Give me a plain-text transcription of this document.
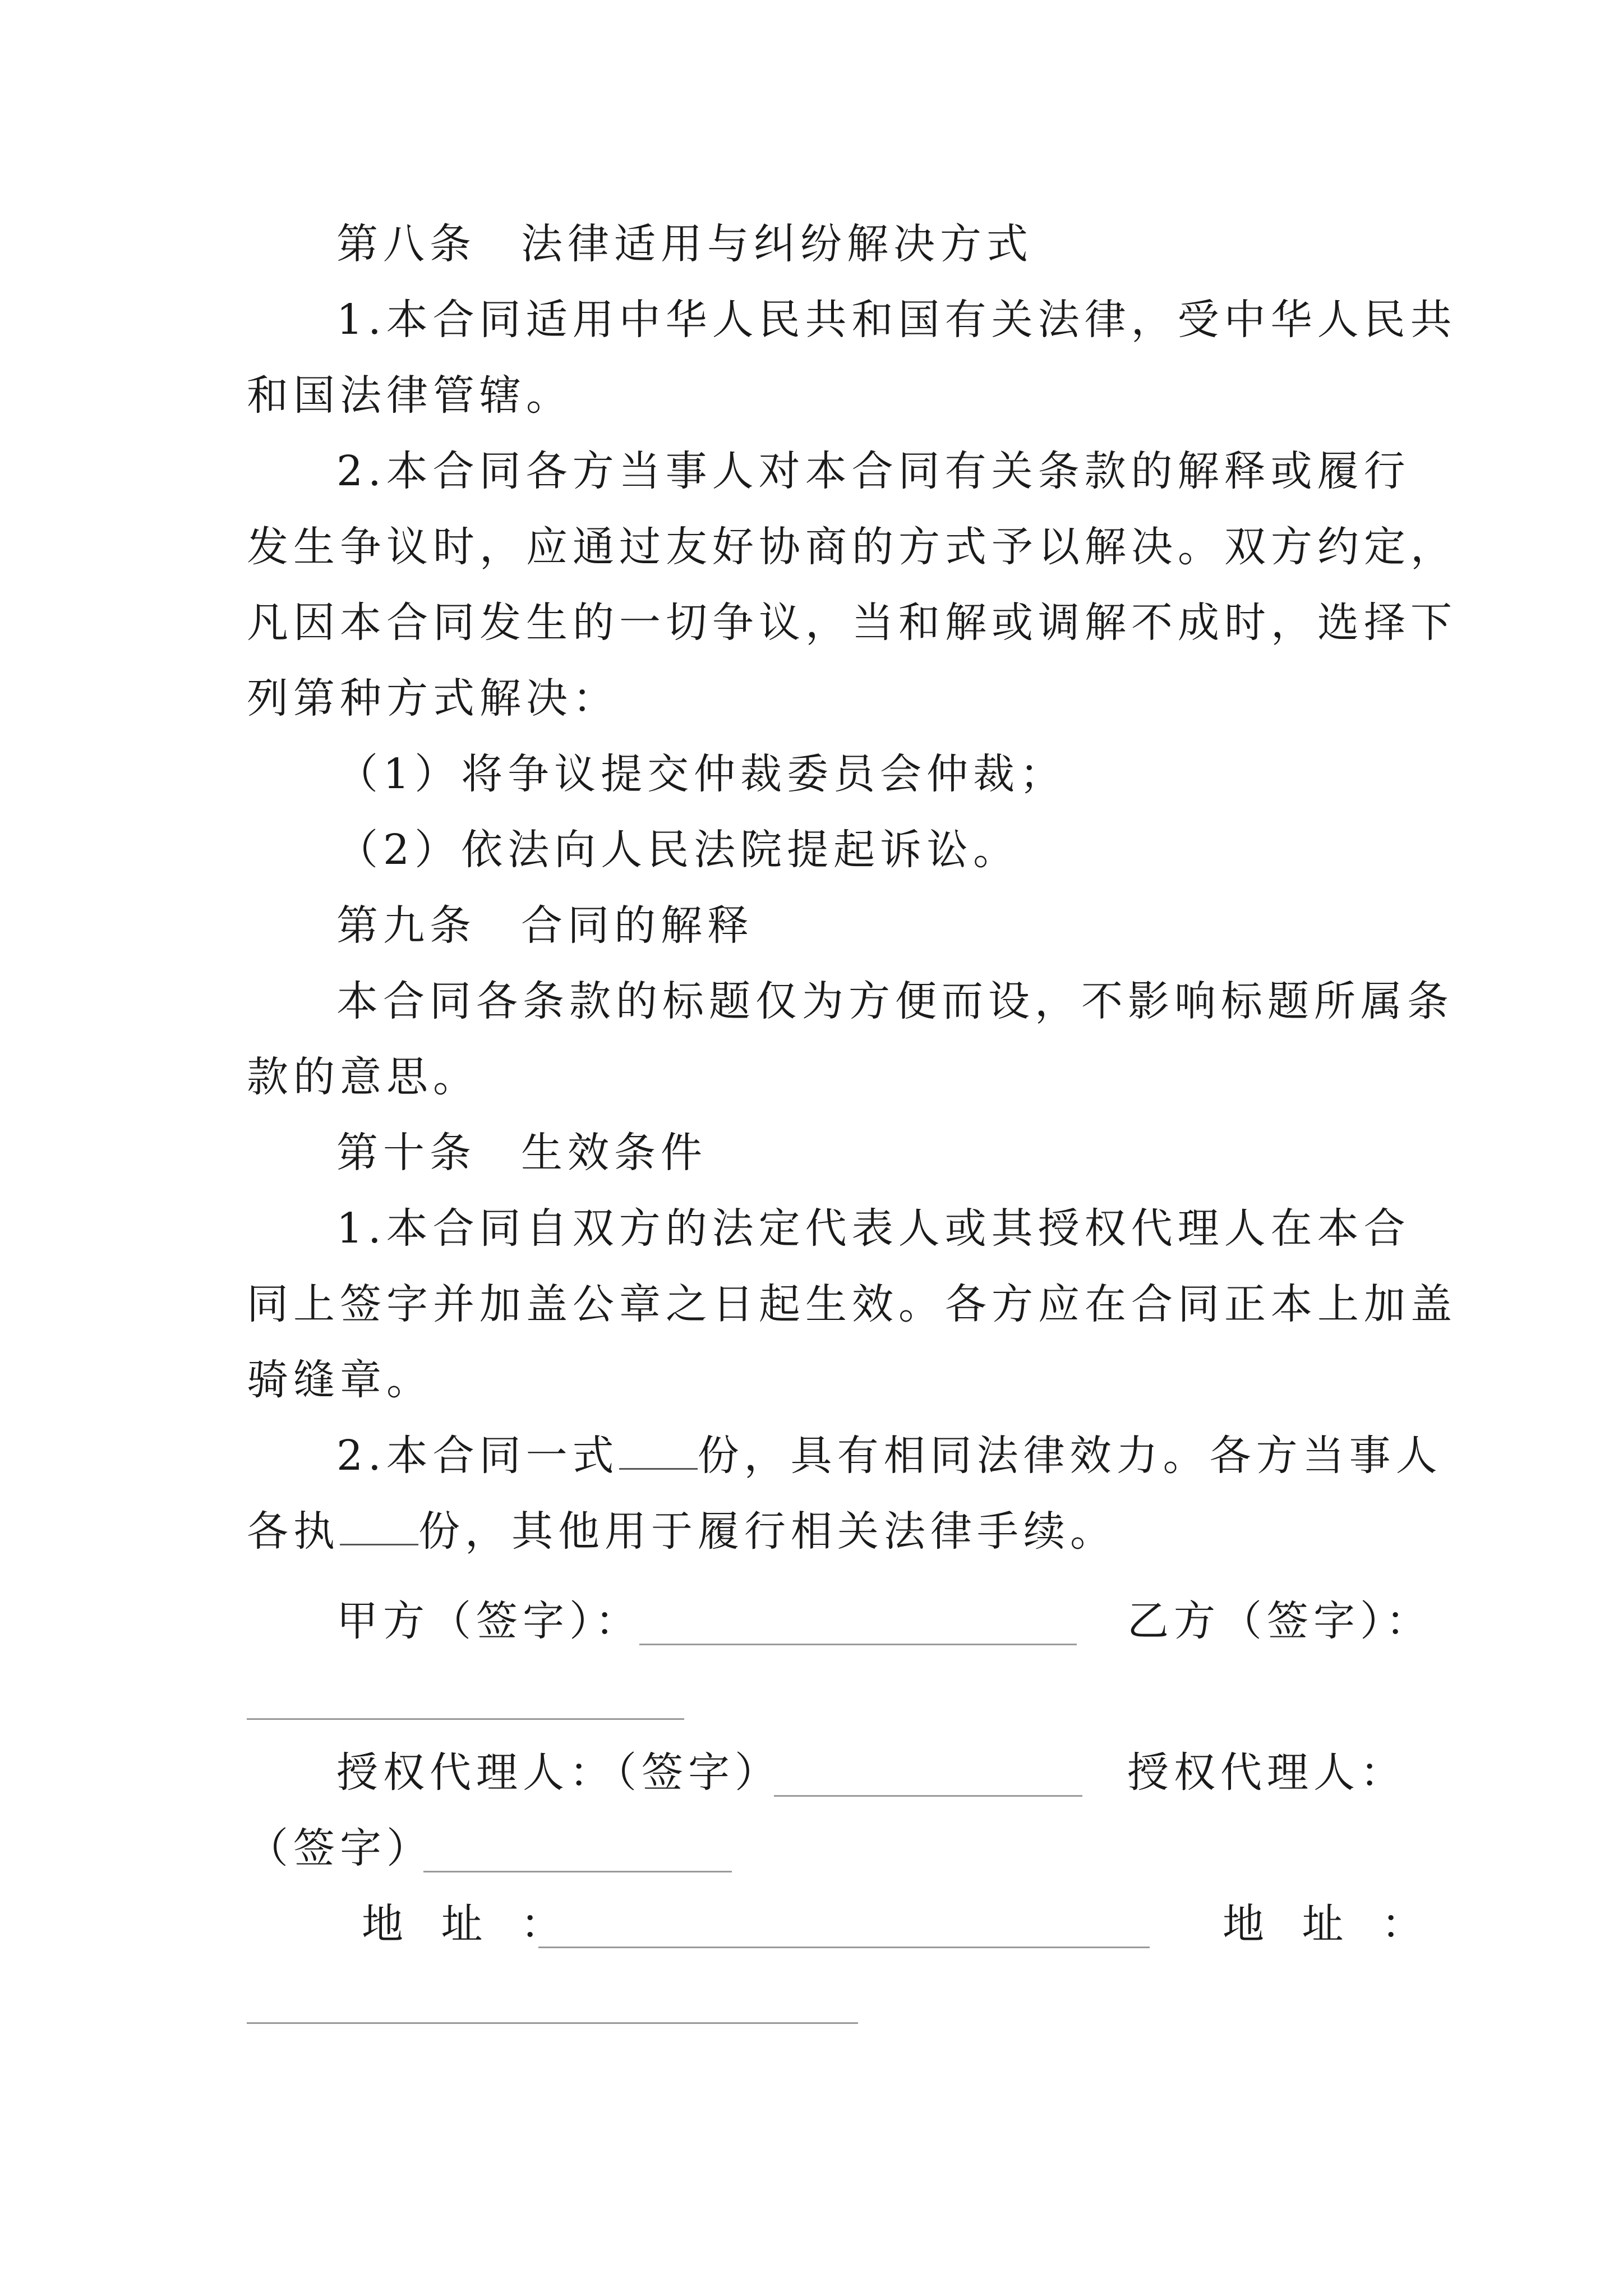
第八条 法律适用与纠纷解决方式
1.本合同适用中华人民共和国有关法律，受中华人民共
和国法律管辖。
2.本合同各方当事人对本合同有关条款的解释或履行
发生争议时，应通过友好协商的方式予以解决。双方约定，
凡因本合同发生的一切争议，当和解或调解不成时，选择下
列第种方式解决：
（1）将争议提交仲裁委员会仲裁；
（2）依法向人民法院提起诉讼。
第九条 合同的解释
本合同各条款的标题仅为方便而设，不影响标题所属条
款的意思。
第十条 生效条件
1.本合同自双方的法定代表人或其授权代理人在本合
同上签字并加盖公章之日起生效。各方应在合同正本上加盖
骑缝章。
2.本合同一式 份，具有相同法律效力。各方当事人
各执 份，其他用于履行相关法律手续。
甲方（签字）：	乙方（签字）：
授权代理人：（签字）	授权代理人：
（签字）
地 址 ：	地 址 ：
